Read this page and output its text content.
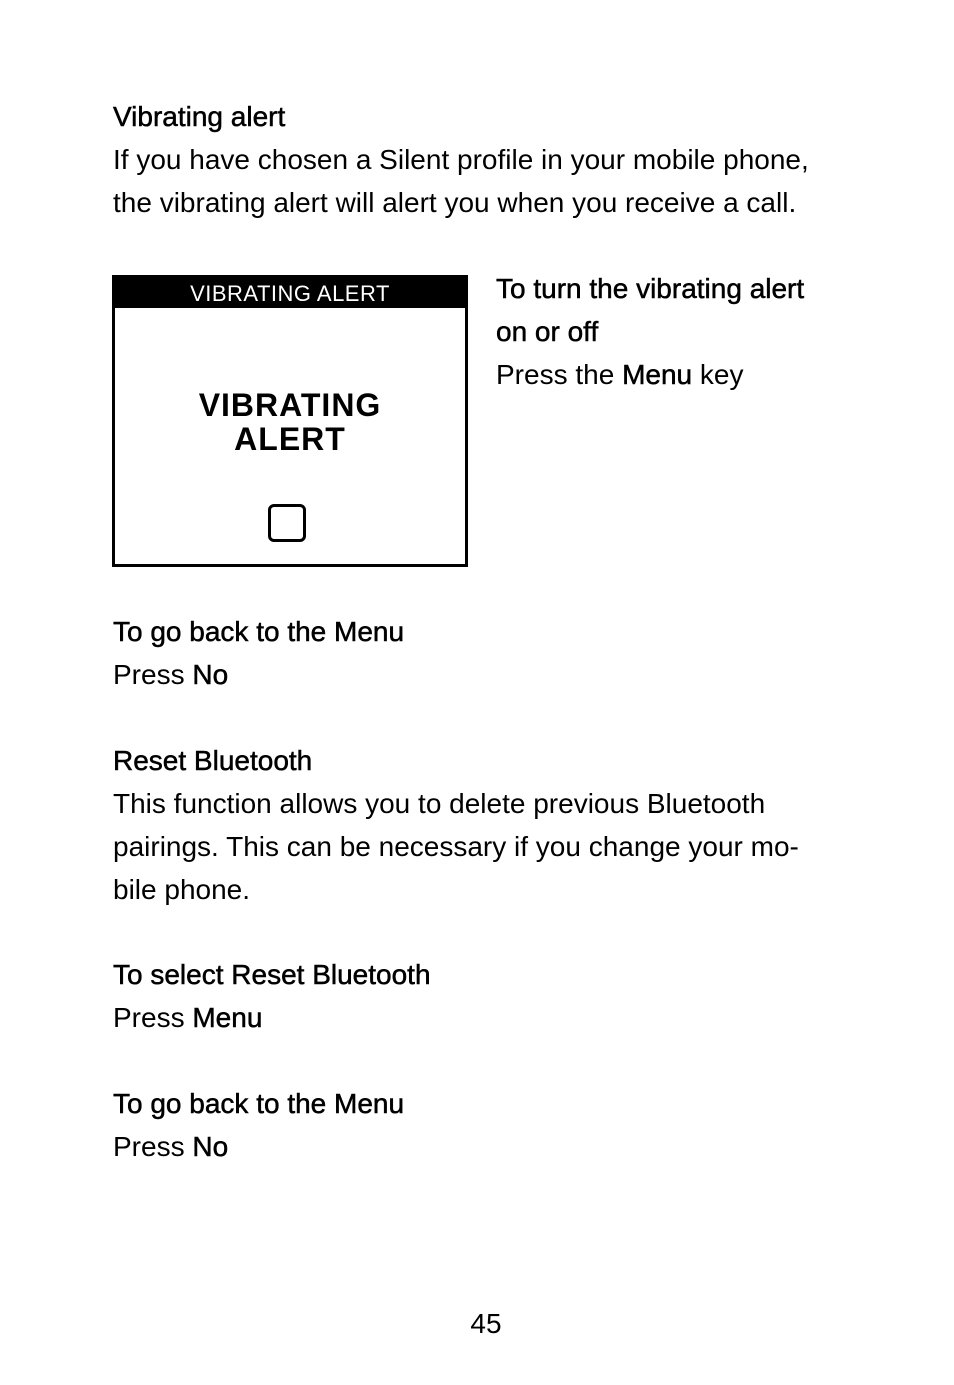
Vibrating alert

If you have chosen a Silent profile in your mobile phone,

the vibrating alert will alert you when you receive a call.

VIBRATING ALERT
VIBRATING
ALERT

To turn the vibrating alert

on or off

Press the Menu key

To go back to the Menu

Press No

Reset Bluetooth

This function allows you to delete previous Bluetooth

pairings. This can be necessary if you change your mo-

bile phone.

To select Reset Bluetooth

Press Menu

To go back to the Menu

Press No

45
